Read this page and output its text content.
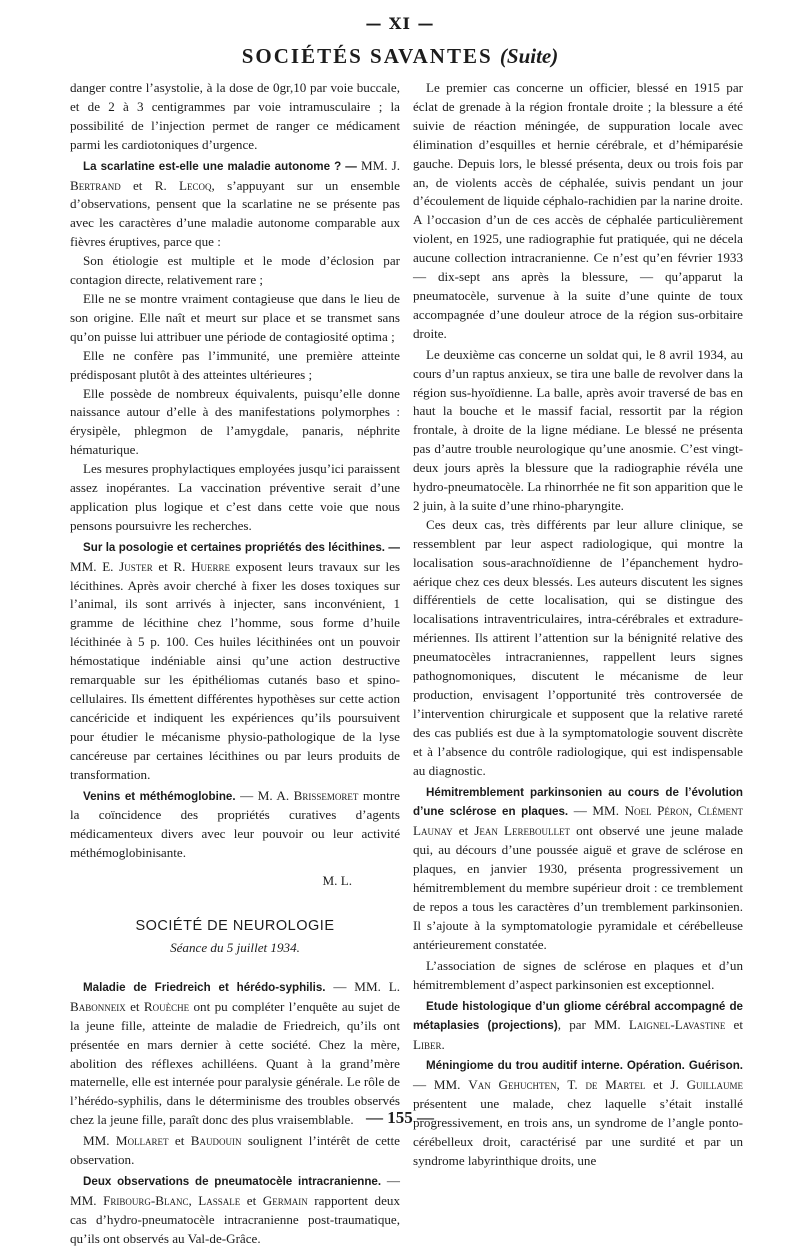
— XI —
SOCIÉTÉS SAVANTES (Suite)

danger contre l’asystolie, à la dose de 0gr,10 par voie buccale, et de 2 à 3 centigrammes par voie intramusculaire ; la possibilité de l’injection permet de ranger ce médicament parmi les cardiotoniques d’urgence.

La scarlatine est-elle une maladie autonome ? — MM. J. Bertrand et R. Lecoq, s’appuyant sur un ensemble d’observations, pensent que la scarlatine ne se présente pas avec les caractères d’une maladie autonome comparable aux fièvres éruptives, parce que :

Son étiologie est multiple et le mode d’éclosion par contagion directe, relativement rare ;

Elle ne se montre vraiment contagieuse que dans le lieu de son origine. Elle naît et meurt sur place et se transmet sans qu’on puisse lui attribuer une période de contagiosité optima ;

Elle ne confère pas l’immunité, une première atteinte prédisposant plutôt à des atteintes ultérieures ;

Elle possède de nombreux équivalents, puisqu’elle donne naissance autour d’elle à des manifestations polymorphes : érysipèle, phlegmon de l’amygdale, panaris, néphrite hématurique.

Les mesures prophylactiques employées jusqu’ici paraissent assez inopérantes. La vaccination préventive serait d’une application plus logique et c’est dans cette voie que nous pensons poursuivre les recherches.

Sur la posologie et certaines propriétés des lécithines. — MM. E. Juster et R. Huerre exposent leurs travaux sur les lécithines. Après avoir cherché à fixer les doses toxiques sur l’animal, ils sont arrivés à injecter, sans inconvénient, 1 gramme de lécithine chez l’homme, sous forme d’huile lécithinée à 5 p. 100. Ces huiles lécithinées ont un pouvoir hémostatique indéniable ainsi qu’une action destructive remarquable sur les épithéliomas cutanés baso et spino-cellulaires. Ils émettent différentes hypothèses sur cette action cancéricide et indiquent les expériences qu’ils poursuivent pour étudier le mécanisme physio-pathologique de la lyse cancéreuse par certaines lécithines ou par leurs produits de transformation.

Venins et méthémoglobine. — M. A. Brissemoret montre la coïncidence des propriétés curatives d’agents médicamenteux divers avec leur pouvoir ou leur activité méthémoglobinisante.

M. L.
SOCIÉTÉ DE NEUROLOGIE
Séance du 5 juillet 1934.

Maladie de Friedreich et hérédo-syphilis. — MM. L. Babonneix et Rouèche ont pu compléter l’enquête au sujet de la jeune fille, atteinte de maladie de Friedreich, qu’ils ont présentée en mars dernier à cette société. Chez la mère, abolition des réflexes achilléens. Quant à la grand’mère maternelle, elle est internée pour paralysie générale. Le rôle de l’hérédo-syphilis, dans le déterminisme des troubles observés chez la jeune fille, paraît donc des plus vraisemblable.

MM. Mollaret et Baudouin soulignent l’intérêt de cette observation.

Deux observations de pneumatocèle intracranienne. — MM. Fribourg-Blanc, Lassale et Germain rapportent deux cas d’hydro-pneumatocèle intracranienne post-traumatique, qu’ils ont observés au Val-de-Grâce.

Le premier cas concerne un officier, blessé en 1915 par éclat de grenade à la région frontale droite ; la blessure a été suivie de réaction méningée, de suppuration locale avec élimination d’esquilles et hernie cérébrale, et d’hémiparésie gauche. Depuis lors, le blessé présenta, deux ou trois fois par an, de violents accès de céphalée, suivis pendant un jour d’écoulement de liquide céphalo-rachidien par la narine droite. A l’occasion d’un de ces accès de céphalée particulièrement violent, en 1925, une radiographie fut pratiquée, qui ne décela aucune collection intracranienne. Ce n’est qu’en février 1933 — dix-sept ans après la blessure, — qu’apparut la pneumatocèle, survenue à la suite d’une quinte de toux accompagnée d’une douleur atroce de la région sus-orbitaire droite.

Le deuxième cas concerne un soldat qui, le 8 avril 1934, au cours d’un raptus anxieux, se tira une balle de revolver dans la région sus-hyoïdienne. La balle, après avoir traversé de bas en haut la bouche et le massif facial, ressortit par la région frontale, à droite de la ligne médiane. Le blessé ne présenta pas d’autre trouble neurologique qu’une anosmie. C’est vingt-deux jours après la blessure que la radiographie révéla une hydro-pneumatocèle. La rhinorrhée ne fit son apparition que le 2 juin, à la suite d’une rhino-pharyngite.

Ces deux cas, très différents par leur allure clinique, se ressemblent par leur aspect radiologique, qui montre la localisation sous-arachnoïdienne de l’épanchement hydro-aérique chez ces deux blessés. Les auteurs discutent les signes différentiels de cette localisation, qui se distingue des localisations intraventriculaires, intra-cérébrales et extradure-mériennes. Ils attirent l’attention sur la bénignité relative des pneumatocèles intracraniennes, rappellent leurs signes pathognomoniques, discutent le mécanisme de leur production, envisagent l’opportunité très controversée de l’intervention chirurgicale et supposent que la relative rareté des cas publiés est due à la symptomatologie souvent discrète et à l’absence du contrôle radiologique, qui est indispensable au diagnostic.

Hémitremblement parkinsonien au cours de l’évolution d’une sclérose en plaques. — MM. Noel Péron, Clément Launay et Jean Lereboullet ont observé une jeune malade qui, au décours d’une poussée aiguë et grave de sclérose en plaques, en janvier 1930, présenta progressivement un hémitremblement du membre supérieur droit : ce tremblement de repos a tous les caractères d’un tremblement parkinsonien. Il s’ajoute à la symptomatologie pyramidale et cérébelleuse antérieurement constatée.

L’association de signes de sclérose en plaques et d’un hémitremblement d’aspect parkinsonien est exceptionnel.

Etude histologique d’un gliome cérébral accompagné de métaplasies (projections), par MM. Laignel-Lavastine et Liber.

Méningiome du trou auditif interne. Opération. Guérison. — MM. Van Gehuchten, T. de Martel et J. Guillaume présentent une malade, chez laquelle s’était installé progressivement, en trois ans, un syndrome de l’angle ponto-cérébelleux droit, caractérisé par une surdité et par un syndrome labyrinthique droits, une

— 155 —
